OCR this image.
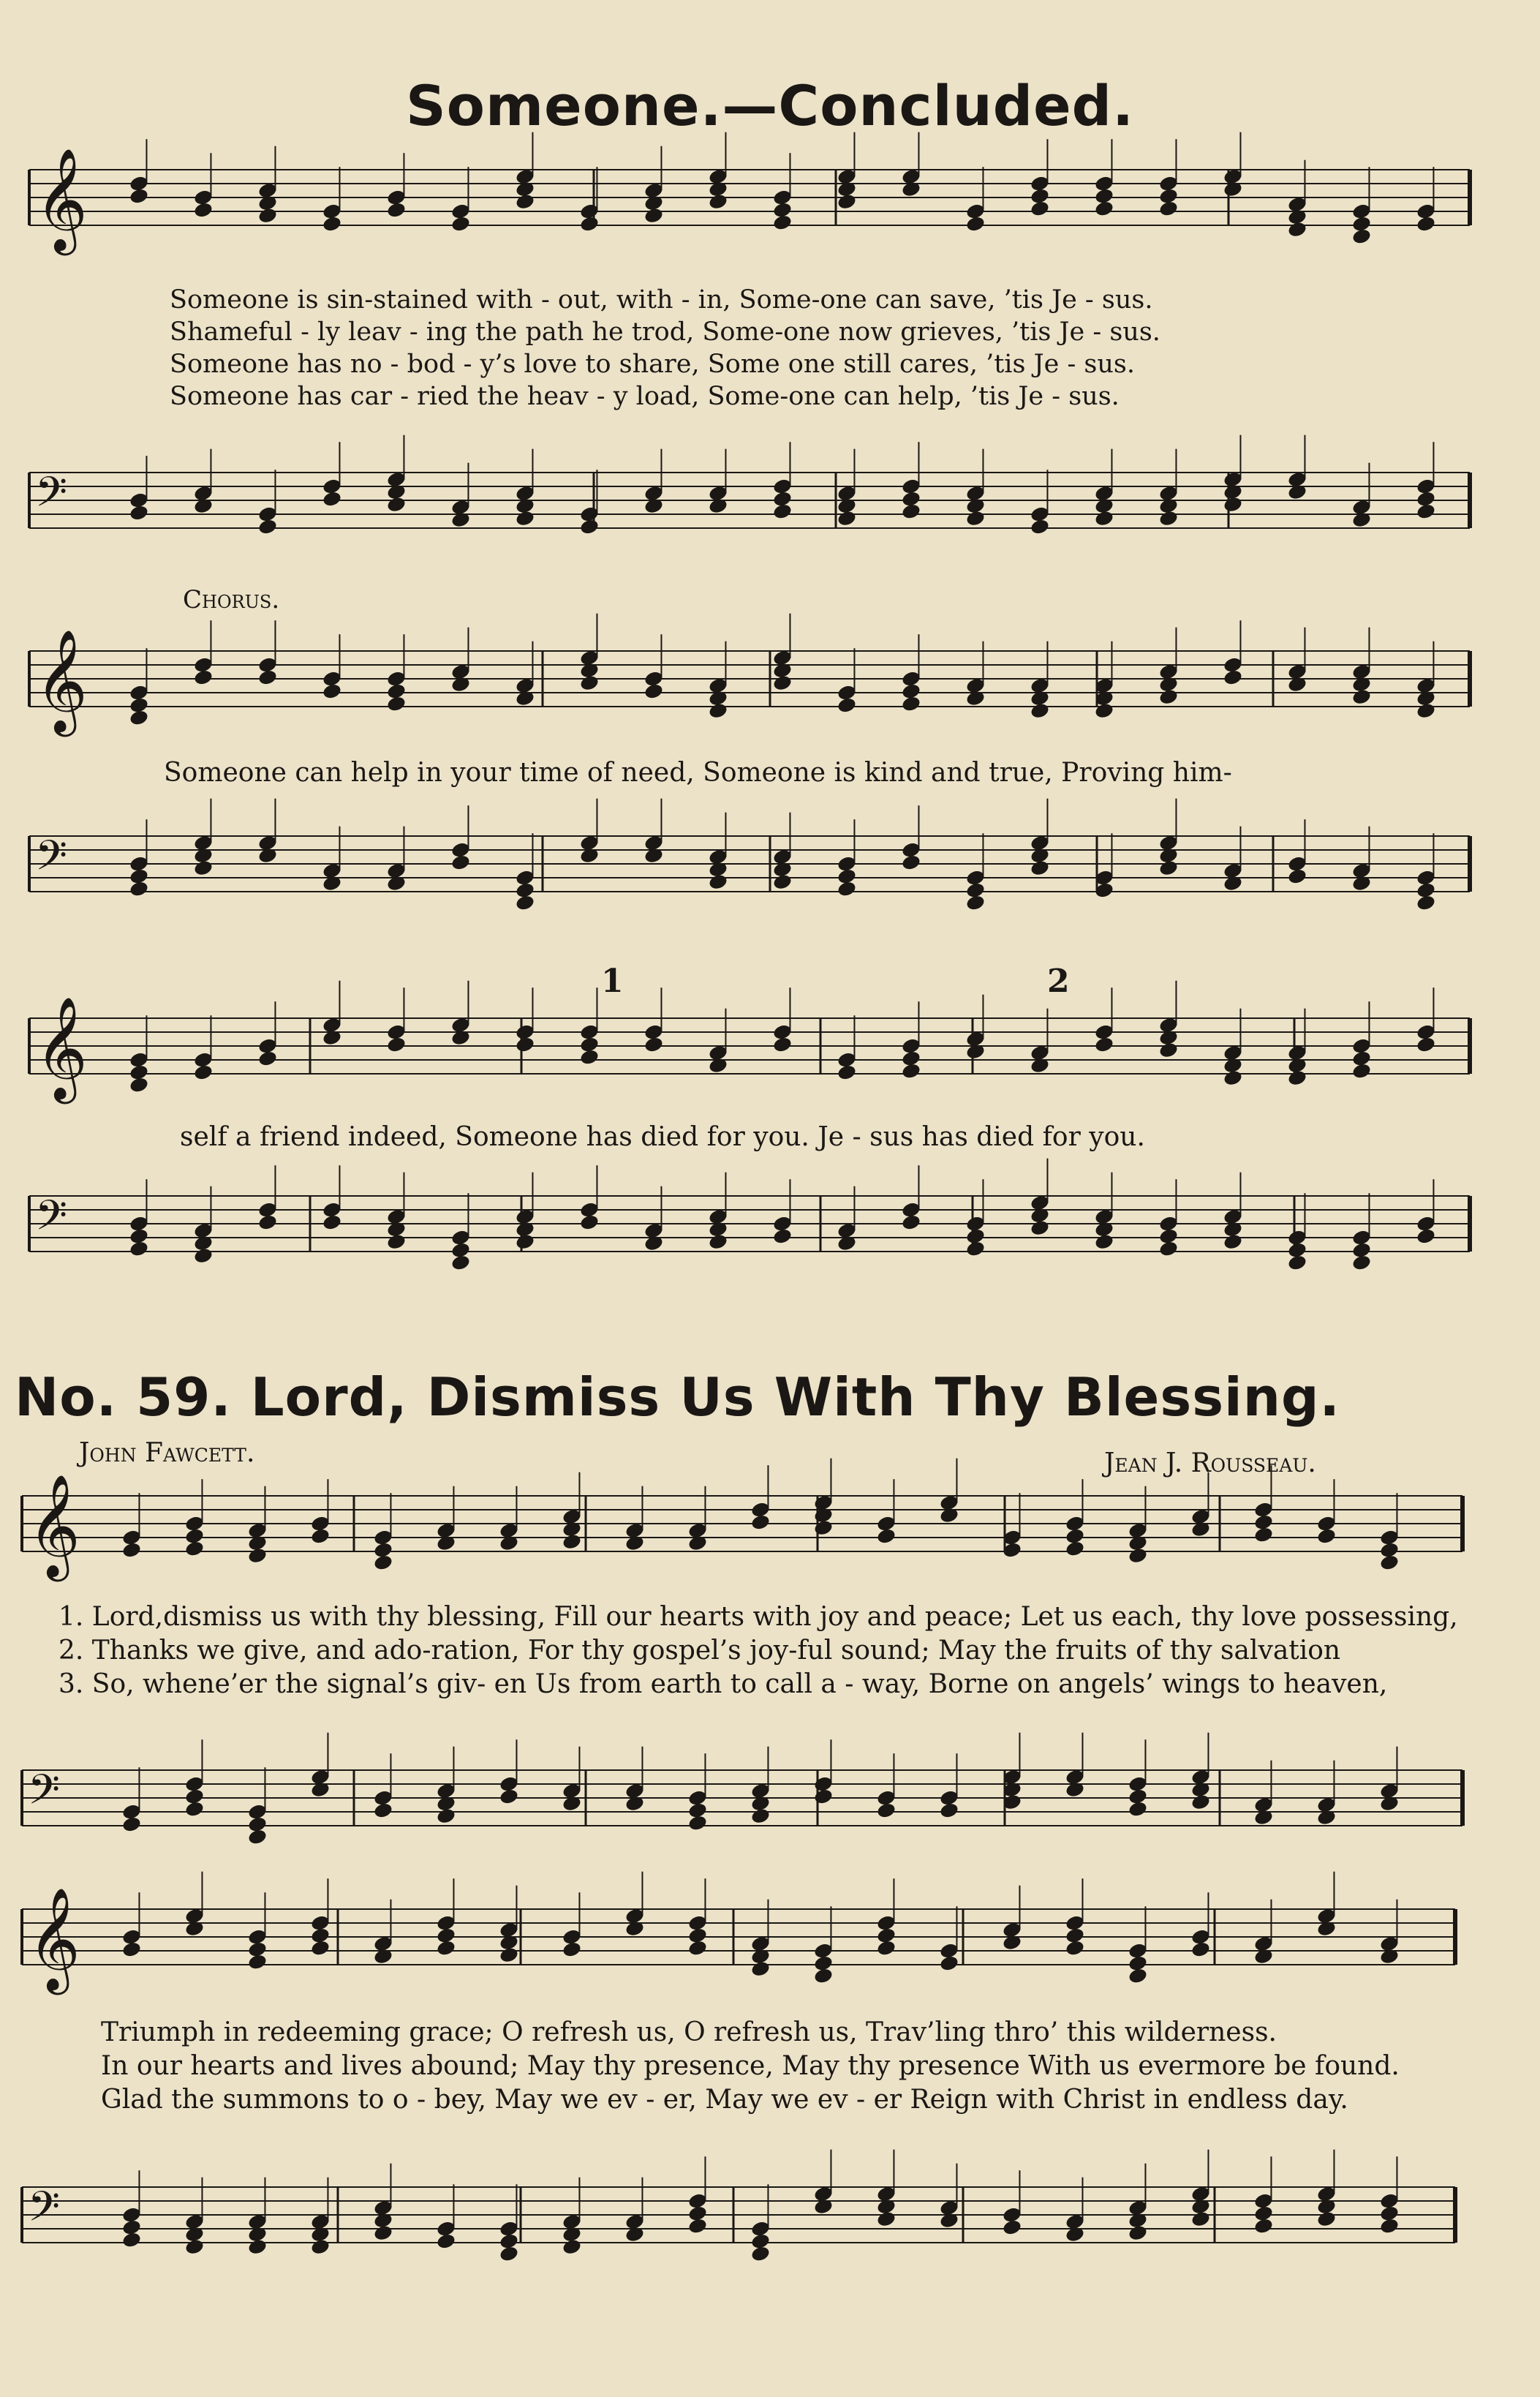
𝄞
𝄢
𝄞
𝄢
𝄞
𝄢
𝄞
𝄢
𝄞
𝄢
Someone.—Concluded.
Someone is sin-stained with - out, with - in, Some-one can save, ’tis Je - sus.
Shameful - ly leav - ing the path he trod, Some-one now grieves, ’tis Je - sus.
Someone has no - bod - y’s love to share, Some one still cares, ’tis Je - sus.
Someone has car - ried the heav - y load, Some-one can help, ’tis Je - sus.
Chorus.
Someone can help in your time of need, Someone is kind and true, Proving him-
self a friend indeed, Someone has died for you. Je - sus has died for you.
1	2
No. 59. Lord, Dismiss Us With Thy Blessing.
John Fawcett.	Jean J. Rousseau.
1. Lord,dismiss us with thy blessing, Fill our hearts with joy and peace; Let us each, thy love possessing,
2. Thanks we give, and ado-ration, For thy gospel’s joy-ful sound; May the fruits of thy salvation
3. So, whene’er the signal’s giv- en Us from earth to call a - way, Borne on angels’ wings to heaven,
Triumph in redeeming grace; O refresh us, O refresh us, Trav’ling thro’ this wilderness.
In our hearts and lives abound; May thy presence, May thy presence With us evermore be found.
Glad the summons to o - bey, May we ev - er, May we ev - er Reign with Christ in endless day.
